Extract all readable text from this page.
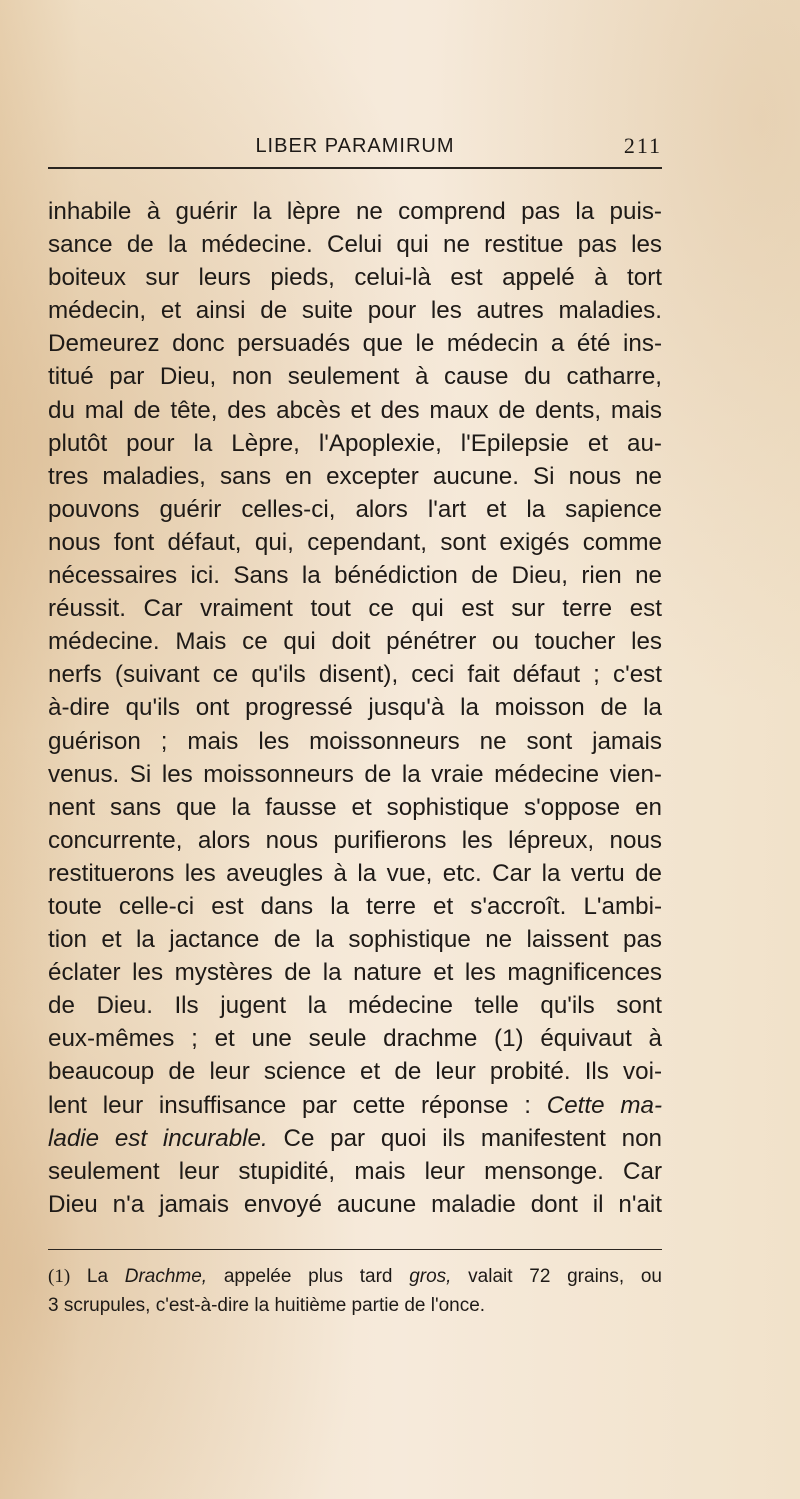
LIBER PARAMIRUM	211
inhabile à guérir la lèpre ne comprend pas la puis-
sance de la médecine. Celui qui ne restitue pas les
boiteux sur leurs pieds, celui-là est appelé à tort
médecin, et ainsi de suite pour les autres maladies.
Demeurez donc persuadés que le médecin a été ins-
titué par Dieu, non seulement à cause du catharre,
du mal de tête, des abcès et des maux de dents, mais
plutôt pour la Lèpre, l'Apoplexie, l'Epilepsie et au-
tres maladies, sans en excepter aucune. Si nous ne
pouvons guérir celles-ci, alors l'art et la sapience
nous font défaut, qui, cependant, sont exigés comme
nécessaires ici. Sans la bénédiction de Dieu, rien ne
réussit. Car vraiment tout ce qui est sur terre est
médecine. Mais ce qui doit pénétrer ou toucher les
nerfs (suivant ce qu'ils disent), ceci fait défaut ; c'est
à-dire qu'ils ont progressé jusqu'à la moisson de la
guérison ; mais les moissonneurs ne sont jamais
venus. Si les moissonneurs de la vraie médecine vien-
nent sans que la fausse et sophistique s'oppose en
concurrente, alors nous purifierons les lépreux, nous
restituerons les aveugles à la vue, etc. Car la vertu de
toute celle-ci est dans la terre et s'accroît. L'ambi-
tion et la jactance de la sophistique ne laissent pas
éclater les mystères de la nature et les magnificences
de Dieu. Ils jugent la médecine telle qu'ils sont
eux-mêmes ; et une seule drachme (1) équivaut à
beaucoup de leur science et de leur probité. Ils voi-
lent leur insuffisance par cette réponse : Cette ma-
ladie est incurable. Ce par quoi ils manifestent non
seulement leur stupidité, mais leur mensonge. Car
Dieu n'a jamais envoyé aucune maladie dont il n'ait
(1) La Drachme, appelée plus tard gros, valait 72 grains, ou
3 scrupules, c'est-à-dire la huitième partie de l'once.
